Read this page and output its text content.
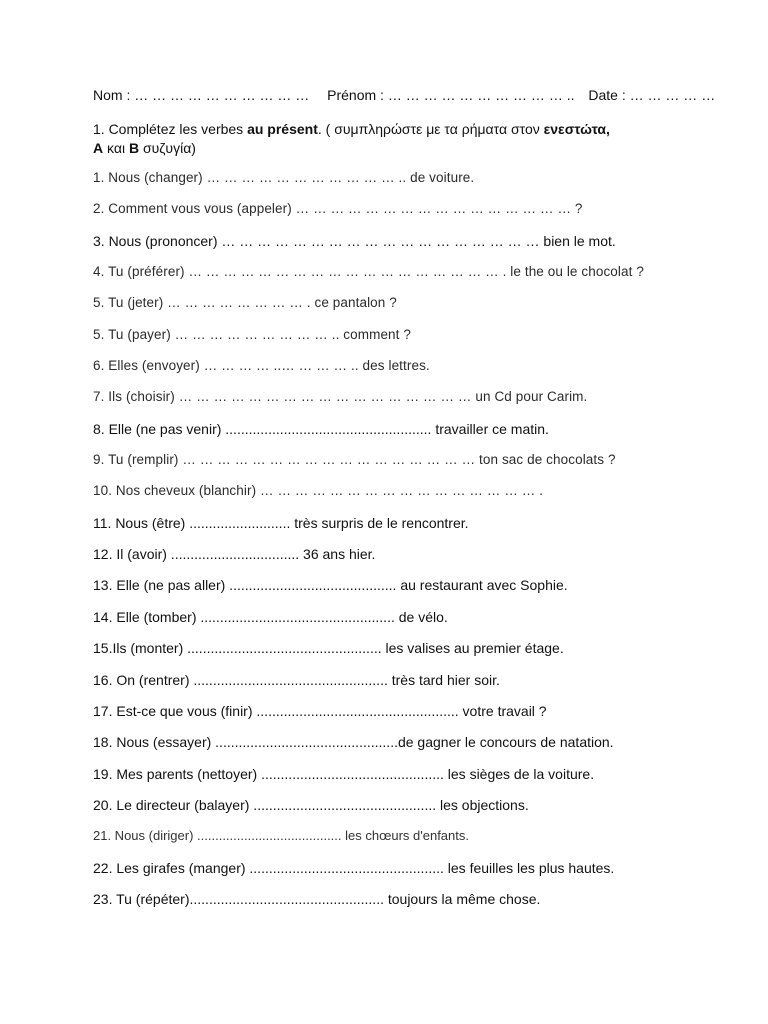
Nom : … … … … … … … … … … Prénom : … … … … … … … … … … .. Date : … … … … …
1. Complétez les verbes au présent. ( συμπληρώστε με τα ρήματα στον ενεστώτα,
A και B συζυγία)
1. Nous (changer) … … … … … … … … … … … .. de voiture.
2. Comment vous vous (appeler) … … … … … … … … … … … … … … … … ?
3. Nous (prononcer) … … … … … … … … … … … … … … … … … … bien le mot.
4. Tu (préférer) … … … … … … … … … … … … … … … … … … . le the ou le chocolat ?
5. Tu (jeter) … … … … … … … … . ce pantalon ?
5. Tu (payer) … … … … … … … … … .. comment ?
6. Elles (envoyer) … … … … ..… … … … .. des lettres.
7. Ils (choisir) … … … … … … … … … … … … … … … … … un Cd pour Carim.
8. Elle (ne pas venir) ..................................................... travailler ce matin.
9. Tu (remplir) … … … … … … … … … … … … … … … … … ton sac de chocolats ?
10. Nos cheveux (blanchir) … … … … … … … … … … … … … … … … .
11. Nous (être) .......................... très surpris de le rencontrer.
12. Il (avoir) ................................. 36 ans hier.
13. Elle (ne pas aller) ........................................... au restaurant avec Sophie.
14. Elle (tomber) .................................................. de vélo.
15.Ils (monter) .................................................. les valises au premier étage.
16. On (rentrer) .................................................. très tard hier soir.
17. Est-ce que vous (finir) .................................................... votre travail ?
18. Nous (essayer) ...............................................de gagner le concours de natation.
19. Mes parents (nettoyer) ............................................... les sièges de la voiture.
20. Le directeur (balayer) ............................................... les objections.
21. Nous (diriger) ........................................ les chœurs d'enfants.
22. Les girafes (manger) .................................................. les feuilles les plus hautes.
23. Tu (répéter).................................................. toujours la même chose.
